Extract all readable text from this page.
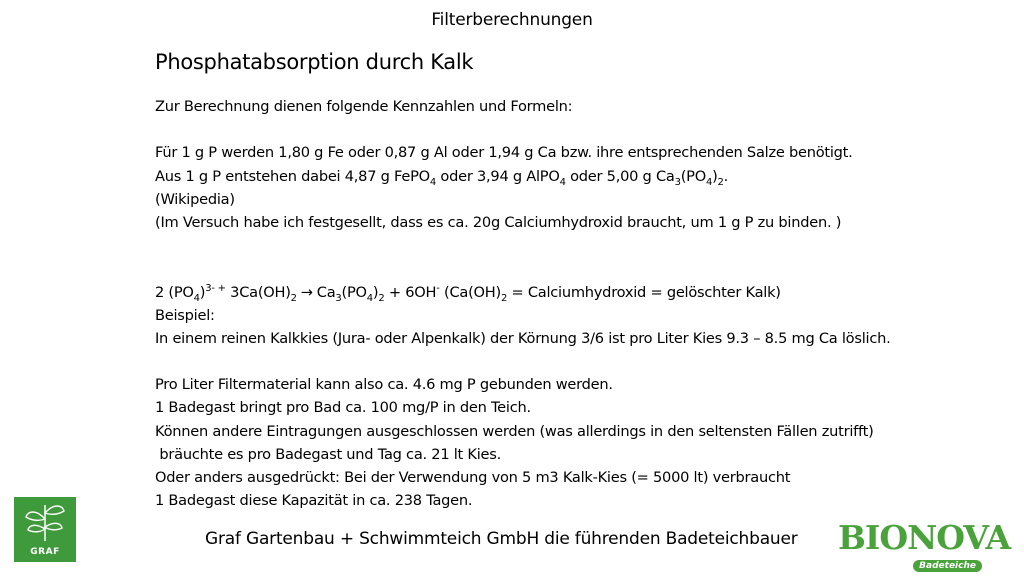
Filterberechnungen
Phosphatabsorption durch Kalk
Zur Berechnung dienen folgende Kennzahlen und Formeln:
Für 1 g P werden 1,80 g Fe oder 0,87 g Al oder 1,94 g Ca bzw. ihre entsprechenden Salze benötigt.
Aus 1 g P entstehen dabei 4,87 g FePO$_4$ oder 3,94 g AlPO$_4$ oder 5,00 g $Ca_3(PO_4)_2$.
(Wikipedia)
(Im Versuch habe ich festgesellt, dass es ca. 20g Calciumhydroxid braucht, um 1 g P zu binden. )
2 $(PO_4)^{3- +}$ $3Ca(OH)_2 \to Ca_3(PO_4)_2 + 6OH^-$ ($Ca(OH)_2$ = Calciumhydroxid = gelöschter Kalk)
Beispiel:
In einem reinen Kalkkies (Jura- oder Alpenkalk) der Körnung 3/6 ist pro Liter Kies 9.3 – 8.5 mg Ca löslich.
Pro Liter Filtermaterial kann also ca. 4.6 mg P gebunden werden.
1 Badegast bringt pro Bad ca. 100 mg/P in den Teich.
Können andere Eintragungen ausgeschlossen werden (was allerdings in den seltensten Fällen zutrifft)
bräuchte es pro Badegast und Tag ca. 21 lt Kies.
Oder anders ausgedrückt: Bei der Verwendung von 5 m3 Kalk-Kies (= 5000 lt) verbraucht
1 Badegast diese Kapazität in ca. 238 Tagen.
GRAF
Graf Gartenbau + Schwimmteich GmbH die führenden Badeteichbauer BIONOVA
Badeteiche
